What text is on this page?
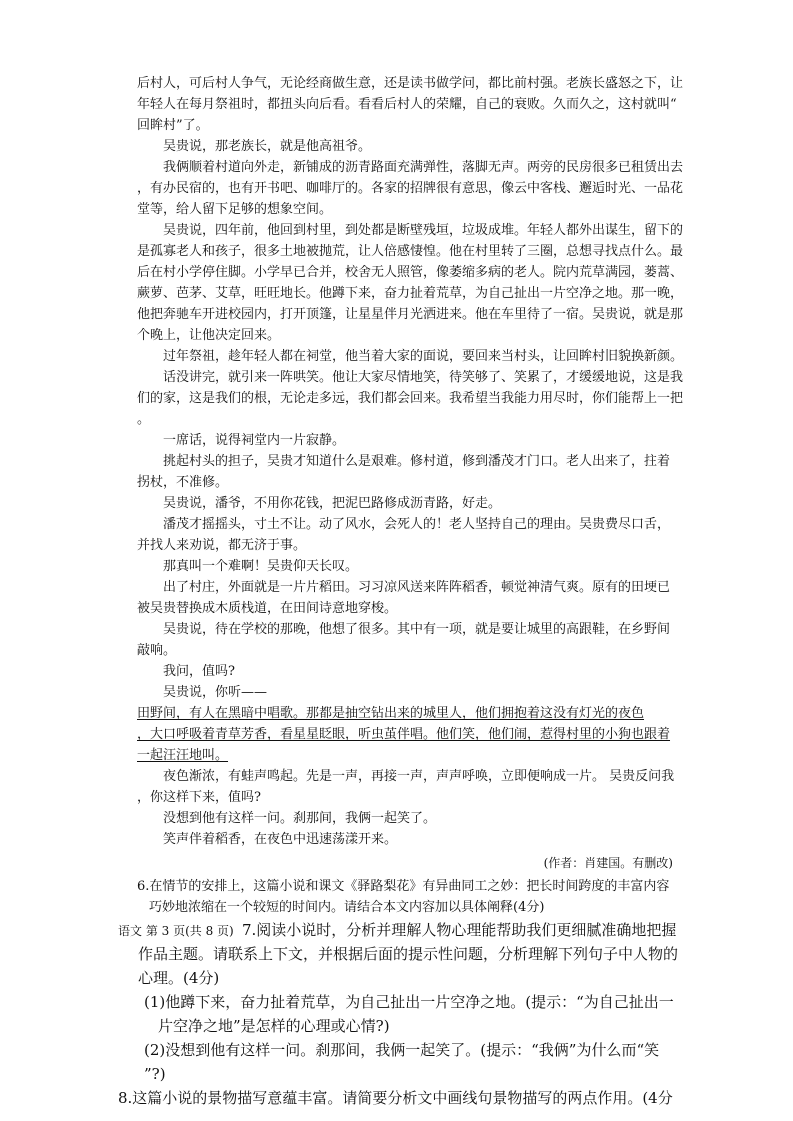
后村人，可后村人争气，无论经商做生意，还是读书做学问，都比前村强。老族长盛怒之下，让
年轻人在每月祭祖时，都扭头向后看。看看后村人的荣耀，自己的衰败。久而久之，这村就叫“
回眸村”了。
吴贵说，那老族长，就是他高祖爷。
我俩顺着村道向外走，新铺成的沥青路面充满弹性，落脚无声。两旁的民房很多已租赁出去
，有办民宿的，也有开书吧、咖啡厅的。各家的招牌很有意思，像云中客栈、邂逅时光、一品花
堂等，给人留下足够的想象空间。
吴贵说，四年前，他回到村里，到处都是断壁残垣，垃圾成堆。年轻人都外出谋生，留下的
是孤寡老人和孩子，很多土地被抛荒，让人倍感悽惶。他在村里转了三圈，总想寻找点什么。最
后在村小学停住脚。小学早已合并，校舍无人照管，像萎缩多病的老人。院内荒草满园，蒌蒿、
蕨萝、芭茅、艾草，旺旺地长。他蹲下来，奋力扯着荒草，为自己扯出一片空净之地。那一晚，
他把奔驰车开进校园内，打开顶篷，让星星伴月光洒进来。他在车里待了一宿。吴贵说，就是那
个晚上，让他决定回来。
过年祭祖，趁年轻人都在祠堂，他当着大家的面说，要回来当村头，让回眸村旧貌换新颜。
话没讲完，就引来一阵哄笑。他让大家尽情地笑，待笑够了、笑累了，才缓缓地说，这是我
们的家，这是我们的根，无论走多远，我们都会回来。我希望当我能力用尽时，你们能帮上一把
。
一席话，说得祠堂内一片寂静。
挑起村头的担子，吴贵才知道什么是艰难。修村道，修到潘茂才门口。老人出来了，拄着
拐杖，不准修。
吴贵说，潘爷，不用你花钱，把泥巴路修成沥青路，好走。
潘茂才摇摇头，寸土不让。动了风水，会死人的！老人坚持自己的理由。吴贵费尽口舌，
并找人来劝说，都无济于事。
那真叫一个难啊！吴贵仰天长叹。
出了村庄，外面就是一片片稻田。习习凉风送来阵阵稻香，顿觉神清气爽。原有的田埂已
被吴贵替换成木质栈道，在田间诗意地穿梭。
吴贵说，待在学校的那晚，他想了很多。其中有一项，就是要让城里的高跟鞋，在乡野间
敲响。
我问，值吗?
吴贵说，你听——
田野间，有人在黑暗中唱歌。那都是抽空钻出来的城里人，他们拥抱着这没有灯光的夜色
，大口呼吸着青草芳香，看星星眨眼，听虫茧伴唱。他们笑，他们闹，惹得村里的小狗也跟着
一起汪汪地叫。
夜色渐浓，有蛙声鸣起。先是一声，再接一声，声声呼唤，立即便响成一片。 吴贵反问我
，你这样下来，值吗?
没想到他有这样一问。刹那间，我俩一起笑了。
笑声伴着稻香，在夜色中迅速荡漾开来。
(作者：肖建国。有删改)
6.在情节的安排上，这篇小说和课文《驿路梨花》有异曲同工之妙：把长时间跨度的丰富内容
巧妙地浓缩在一个较短的时间内。请结合本文内容加以具体阐释(4分)
语文 第 3 页(共 8 页) 7.阅读小说时，分析并理解人物心理能帮助我们更细腻准确地把握
作品主题。请联系上下文，并根据后面的提示性问题，分析理解下列句子中人物的
心理。(4分)
(1)他蹲下来，奋力扯着荒草，为自己扯出一片空净之地。(提示：“为自己扯出一
片空净之地”是怎样的心理或心情?)
(2)没想到他有这样一问。刹那间，我俩一起笑了。(提示：“我俩”为什么而“笑
”?)
8.这篇小说的景物描写意蕴丰富。请简要分析文中画线句景物描写的两点作用。(4分
